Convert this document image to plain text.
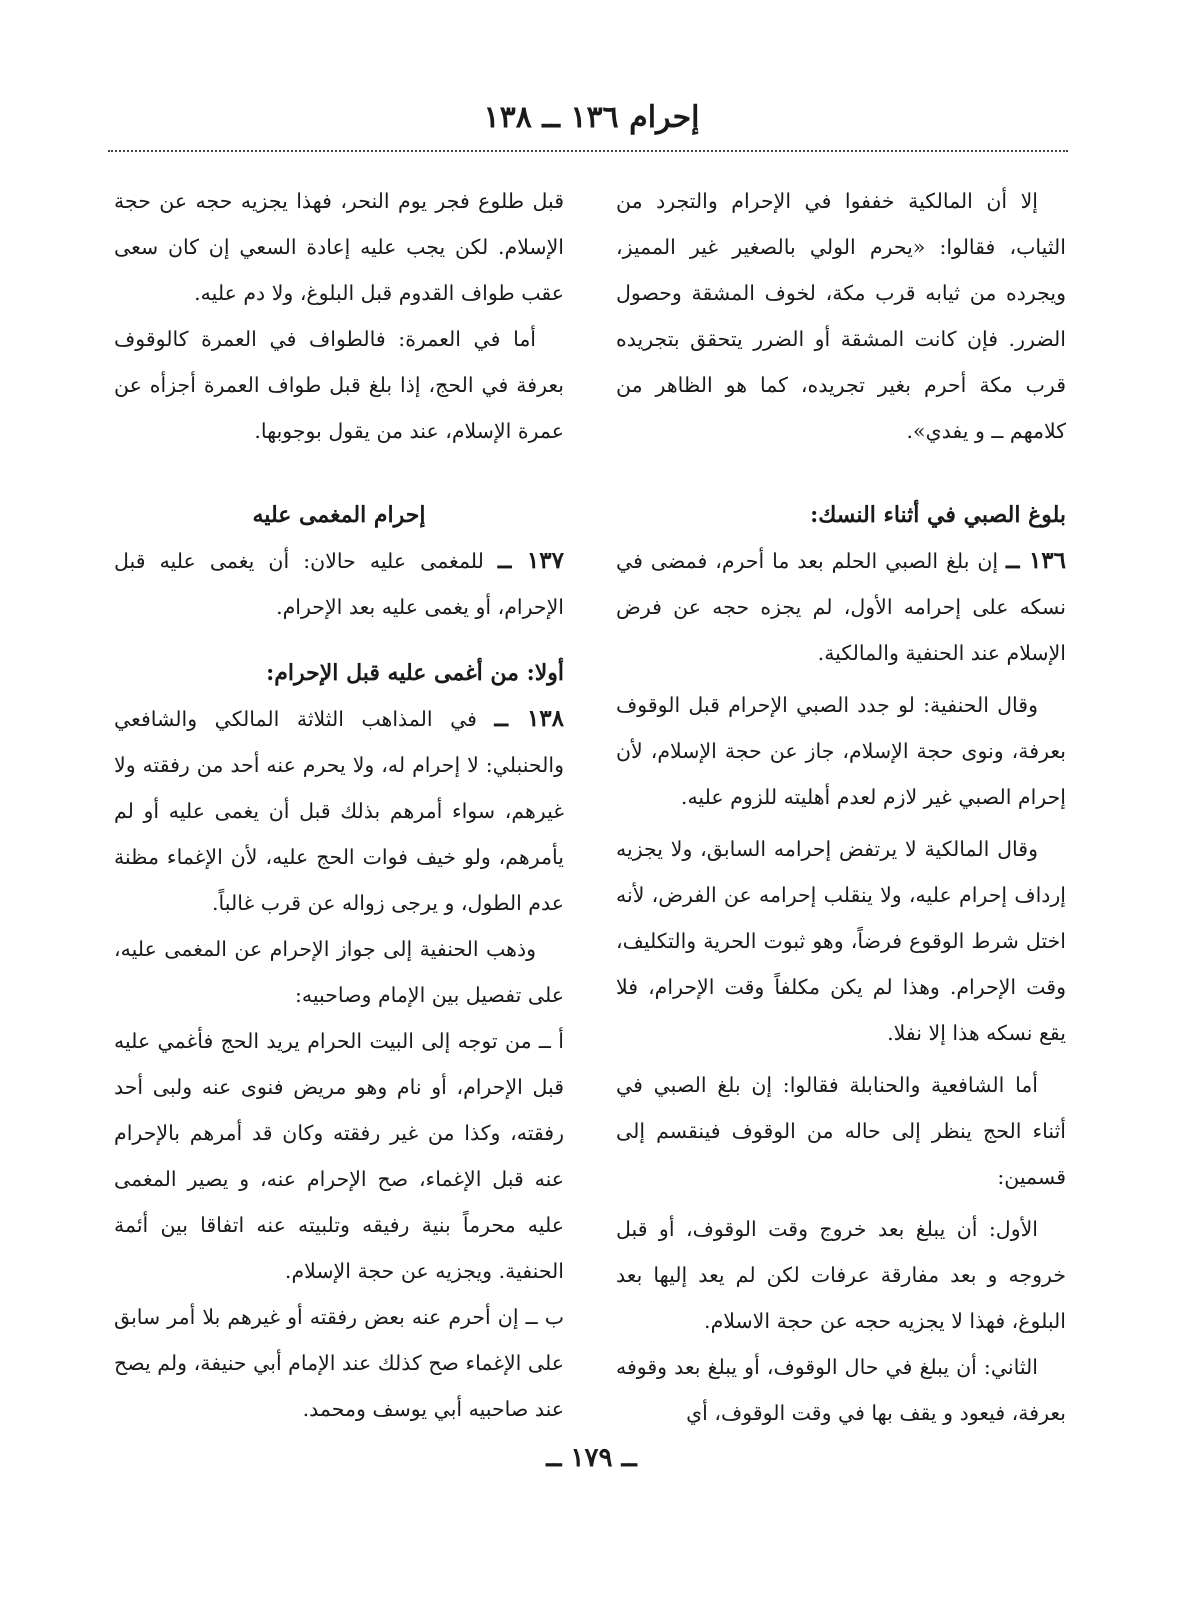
إحرام ١٣٦ ــ ١٣٨

إلا أن المالكية خففوا في الإحرام والتجرد من الثياب، فقالوا: «يحرم الولي بالصغير غير المميز، ويجرده من ثيابه قرب مكة، لخوف المشقة وحصول الضرر. فإن كانت المشقة أو الضرر يتحقق بتجريده قرب مكة أحرم بغير تجريده، كما هو الظاهر من كلامهم ــ و يفدي».

بلوغ الصبي في أثناء النسك:

١٣٦ ــ إن بلغ الصبي الحلم بعد ما أحرم، فمضى في نسكه على إحرامه الأول، لم يجزه حجه عن فرض الإسلام عند الحنفية والمالكية.

وقال الحنفية: لو جدد الصبي الإحرام قبل الوقوف بعرفة، ونوى حجة الإسلام، جاز عن حجة الإسلام، لأن إحرام الصبي غير لازم لعدم أهليته للزوم عليه.

وقال المالكية لا يرتفض إحرامه السابق، ولا يجزيه إرداف إحرام عليه، ولا ينقلب إحرامه عن الفرض، لأنه اختل شرط الوقوع فرضاً، وهو ثبوت الحرية والتكليف، وقت الإحرام. وهذا لم يكن مكلفاً وقت الإحرام، فلا يقع نسكه هذا إلا نفلا.

أما الشافعية والحنابلة فقالوا: إن بلغ الصبي في أثناء الحج ينظر إلى حاله من الوقوف فينقسم إلى قسمين:

الأول: أن يبلغ بعد خروج وقت الوقوف، أو قبل خروجه و بعد مفارقة عرفات لكن لم يعد إليها بعد البلوغ، فهذا لا يجزيه حجه عن حجة الاسلام.

الثاني: أن يبلغ في حال الوقوف، أو يبلغ بعد وقوفه بعرفة، فيعود و يقف بها في وقت الوقوف، أي

قبل طلوع فجر يوم النحر، فهذا يجزيه حجه عن حجة الإسلام. لكن يجب عليه إعادة السعي إن كان سعى عقب طواف القدوم قبل البلوغ، ولا دم عليه.

أما في العمرة: فالطواف في العمرة كالوقوف بعرفة في الحج، إذا بلغ قبل طواف العمرة أجزأه عن عمرة الإسلام، عند من يقول بوجوبها.

إحرام المغمى عليه

١٣٧ ــ للمغمى عليه حالان: أن يغمى عليه قبل الإحرام، أو يغمى عليه بعد الإحرام.

أولا: من أغمى عليه قبل الإحرام:

١٣٨ ــ في المذاهب الثلاثة المالكي والشافعي والحنبلي: لا إحرام له، ولا يحرم عنه أحد من رفقته ولا غيرهم، سواء أمرهم بذلك قبل أن يغمى عليه أو لم يأمرهم، ولو خيف فوات الحج عليه، لأن الإغماء مظنة عدم الطول، و يرجى زواله عن قرب غالباً.

وذهب الحنفية إلى جواز الإحرام عن المغمى عليه، على تفصيل بين الإمام وصاحبيه:

أ ــ من توجه إلى البيت الحرام يريد الحج فأغمي عليه قبل الإحرام، أو نام وهو مريض فنوى عنه ولبى أحد رفقته، وكذا من غير رفقته وكان قد أمرهم بالإحرام عنه قبل الإغماء، صح الإحرام عنه، و يصير المغمى عليه محرماً بنية رفيقه وتلبيته عنه اتفاقا بين أئمة الحنفية. ويجزيه عن حجة الإسلام.

ب ــ إن أحرم عنه بعض رفقته أو غيرهم بلا أمر سابق على الإغماء صح كذلك عند الإمام أبي حنيفة، ولم يصح عند صاحبيه أبي يوسف ومحمد.

ــ ١٧٩ ــ
